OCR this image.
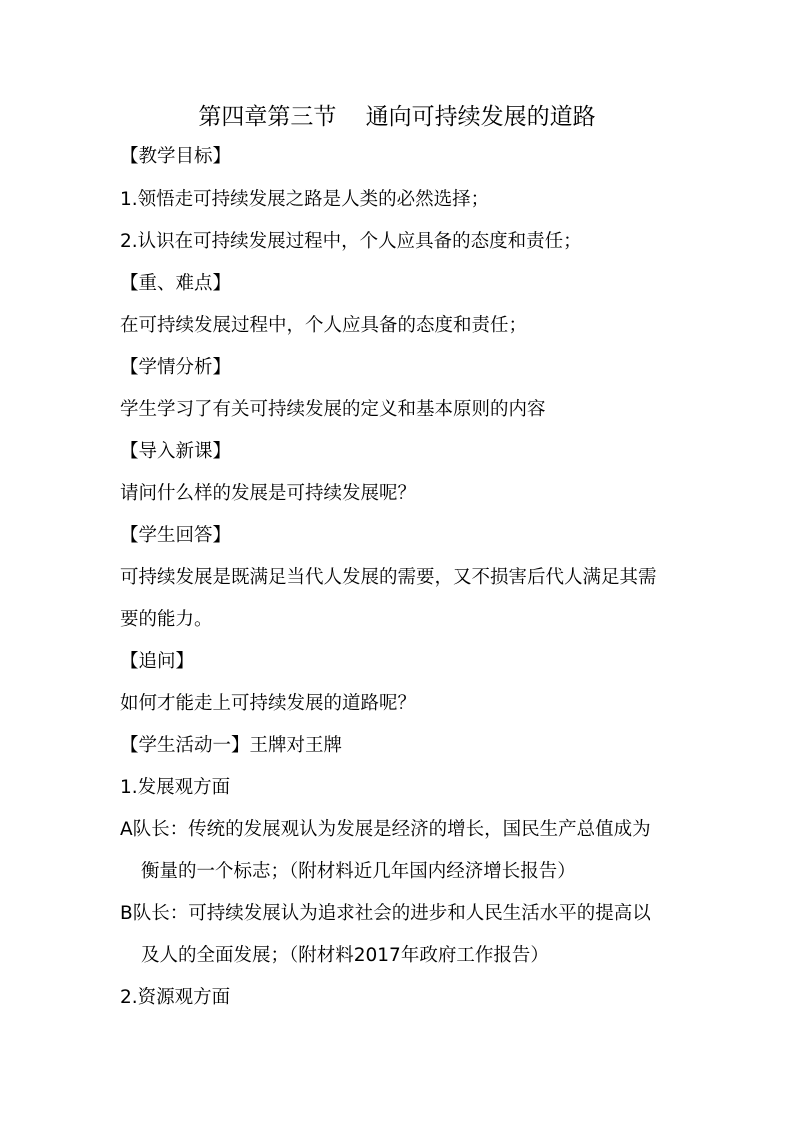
第四章第三节    通向可持续发展的道路
【教学目标】
1.领悟走可持续发展之路是人类的必然选择；
2.认识在可持续发展过程中，个人应具备的态度和责任；
【重、难点】
在可持续发展过程中，个人应具备的态度和责任；
【学情分析】
学生学习了有关可持续发展的定义和基本原则的内容
【导入新课】
请问什么样的发展是可持续发展呢？
【学生回答】
可持续发展是既满足当代人发展的需要，又不损害后代人满足其需
要的能力。
【追问】
如何才能走上可持续发展的道路呢？
【学生活动一】王牌对王牌
1.发展观方面
A队长：传统的发展观认为发展是经济的增长，国民生产总值成为
衡量的一个标志；（附材料近几年国内经济增长报告）
B队长：可持续发展认为追求社会的进步和人民生活水平的提高以
及人的全面发展；（附材料2017年政府工作报告）
2.资源观方面
